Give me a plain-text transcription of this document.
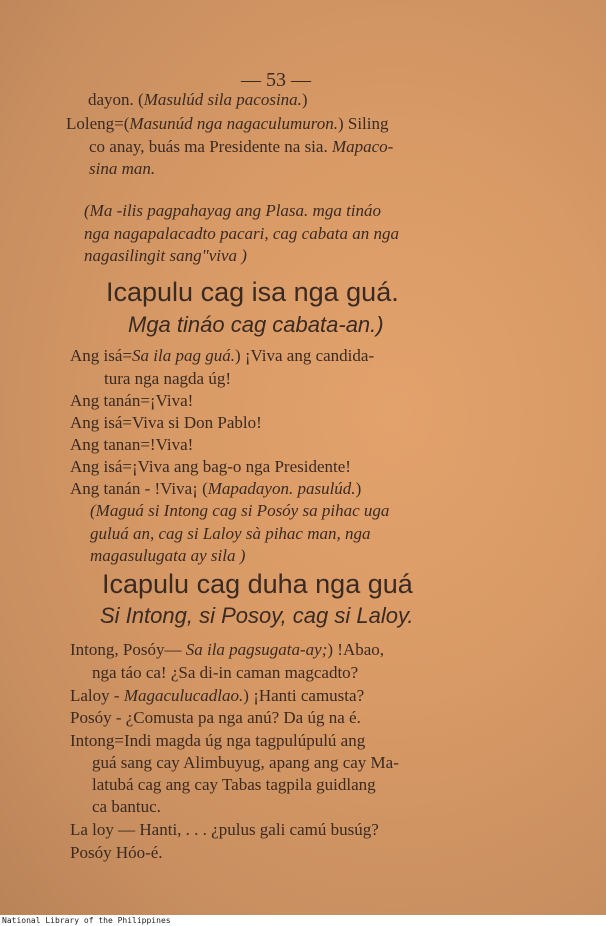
— 53 —
dayon. (Masulúd sila pacosina.)
Loleng=(Masunúd nga nagaculumuron.) Siling
co anay, buás ma Presidente na sia. Mapaco-
sina man.
(Ma -ilis pagpahayag ang Plasa. mga tináo
nga nagapalacadto pacari, cag cabata an nga
nagasilingit sang"viva )
Icapulu cag isa nga guá.
Mga tináo cag cabata-an.)
Ang isá=Sa ila pag guá.) ¡Viva ang candida-
tura nga nagda úg!
Ang tanán=¡Viva!
Ang isá=Viva si Don Pablo!
Ang tanan=!Viva!
Ang isá=¡Viva ang bag-o nga Presidente!
Ang tanán - !Viva¡ (Mapadayon. pasulúd.)
(Maguá si Intong cag si Posóy sa pihac uga
guluá an, cag si Laloy sà pihac man, nga
magasulugata ay sila )
Icapulu cag duha nga guá
Si Intong, si Posoy, cag si Laloy.
Intong, Posóy— Sa ila pagsugata-ay;) !Abao,
nga táo ca! ¿Sa di-in caman magcadto?
Laloy - Magaculucadlao.) ¡Hanti camusta?
Posóy - ¿Comusta pa nga anú? Da úg na é.
Intong=Indi magda úg nga tagpulúpulú ang
guá sang cay Alimbuyug, apang ang cay Ma-
latubá cag ang cay Tabas tagpila guidlang
ca bantuc.
La loy — Hanti, . . . ¿pulus gali camú busúg?
Posóy Hóo-é.
National Library of the Philippines
